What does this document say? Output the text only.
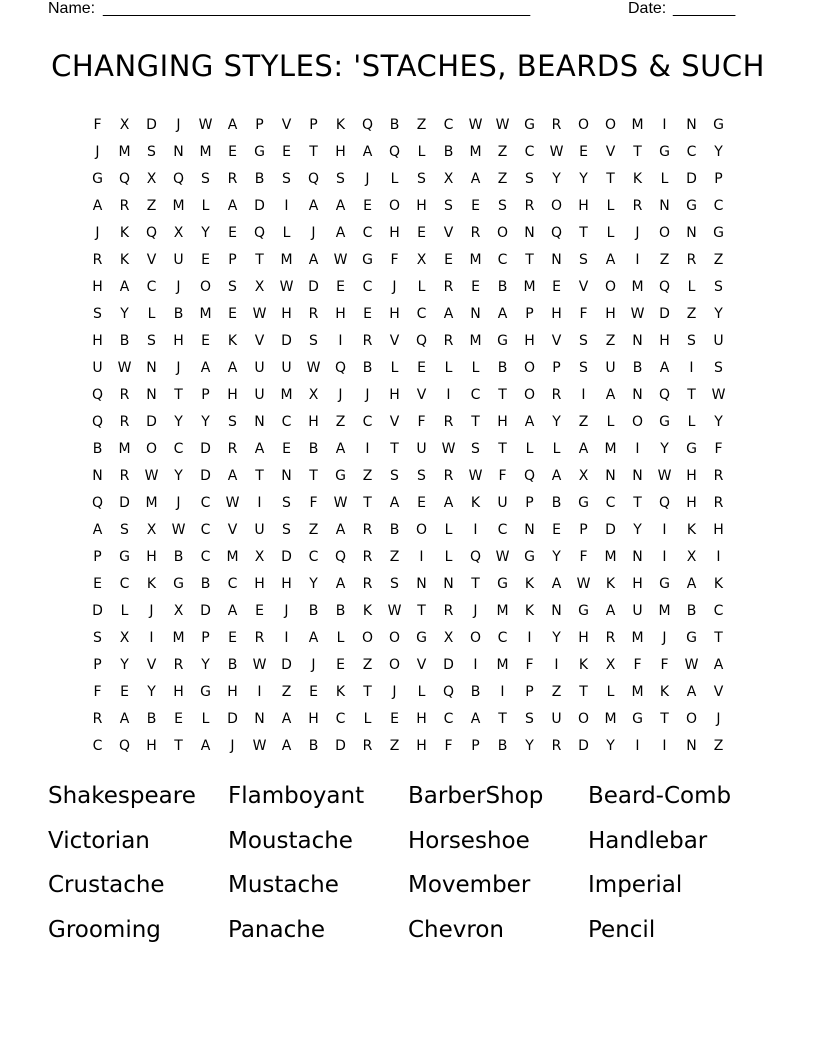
Name: ________________________________________________	Date: _______
CHANGING STYLES: 'STACHES, BEARDS & SUCH
F	X	D	J	W	A	P	V	P	K	Q	B	Z	C	W W	G	R	O	O	M	I	N	G
J	M	S	N	M	E	G	E	T	H	A	Q	L	B	M	Z	C	W	E	V	T	G	C	Y
G	Q	X	Q	S	R	B	S	Q	S	J	L	S	X	A	Z	S	Y	Y	T	K	L	D	P
A	R	Z	M	L	A	D	I	A	A	E	O	H	S	E	S	R	O	H	L	R	N	G	C
J	K	Q	X	Y	E	Q	L	J	A	C	H	E	V	R	O	N	Q	T	L	J	O	N	G
R	K	V	U	E	P	T	M	A	W	G	F	X	E	M	C	T	N	S	A	I	Z	R	Z
H	A	C	J	O	S	X	W	D	E	C	J	L	R	E	B	M	E	V	O	M	Q	L	S
S	Y	L	B	M	E	W	H	R	H	E	H	C	A	N	A	P	H	F	H	W	D	Z	Y
H	B	S	H	E	K	V	D	S	I	R	V	Q	R	M	G	H	V	S	Z	N	H	S	U
U	W	N	J	A	A	U	U	W	Q	B	L	E	L	L	B	O	P	S	U	B	A	I	S
Q	R	N	T	P	H	U	M	X	J	J	H	V	I	C	T	O	R	I	A	N	Q	T	W
Q	R	D	Y	Y	S	N	C	H	Z	C	V	F	R	T	H	A	Y	Z	L	O	G	L	Y
B	M	O	C	D	R	A	E	B	A	I	T	U	W	S	T	L	L	A	M	I	Y	G	F
N	R	W	Y	D	A	T	N	T	G	Z	S	S	R	W	F	Q	A	X	N	N	W	H	R
Q	D	M	J	C	W	I	S	F	W	T	A	E	A	K	U	P	B	G	C	T	Q	H	R
A	S	X	W	C	V	U	S	Z	A	R	B	O	L	I	C	N	E	P	D	Y	I	K	H
P	G	H	B	C	M	X	D	C	Q	R	Z	I	L	Q	W	G	Y	F	M	N	I	X	I
E	C	K	G	B	C	H	H	Y	A	R	S	N	N	T	G	K	A	W	K	H	G	A	K
D	L	J	X	D	A	E	J	B	B	K	W	T	R	J	M	K	N	G	A	U	M	B	C
S	X	I	M	P	E	R	I	A	L	O	O	G	X	O	C	I	Y	H	R	M	J	G	T
P	Y	V	R	Y	B	W	D	J	E	Z	O	V	D	I	M	F	I	K	X	F	F	W	A
F	E	Y	H	G	H	I	Z	E	K	T	J	L	Q	B	I	P	Z	T	L	M	K	A	V
R	A	B	E	L	D	N	A	H	C	L	E	H	C	A	T	S	U	O	M	G	T	O	J
C	Q	H	T	A	J	W	A	B	D	R	Z	H	F	P	B	Y	R	D	Y	I	I	N	Z
Shakespeare	Flamboyant	BarberShop	Beard-Comb
Victorian	Moustache	Horseshoe	Handlebar
Crustache	Mustache	Movember	Imperial
Grooming	Panache	Chevron	Pencil
